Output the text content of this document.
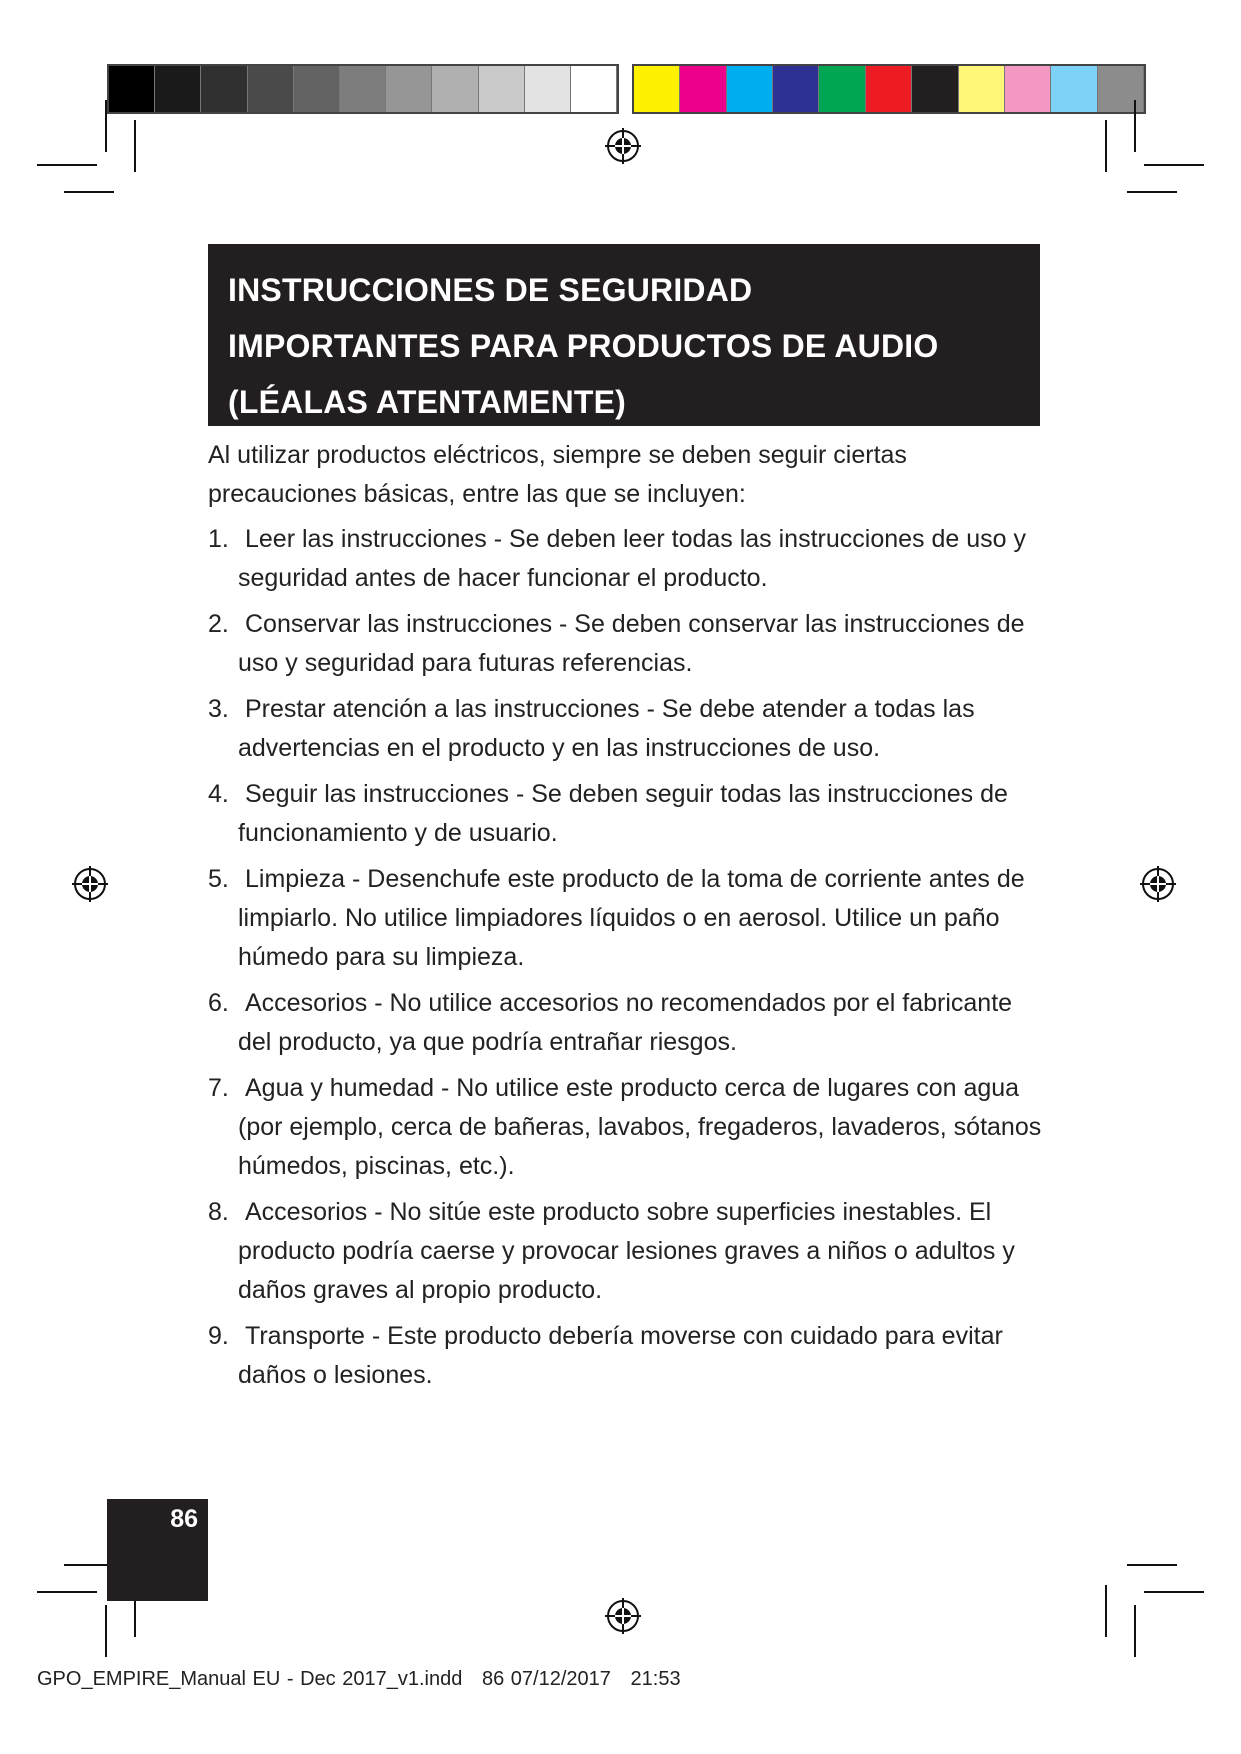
INSTRUCCIONES DE SEGURIDAD
IMPORTANTES PARA PRODUCTOS DE AUDIO
(LÉALAS ATENTAMENTE)

Al utilizar productos eléctricos, siempre se deben seguir ciertas precauciones básicas, entre las que se incluyen:

1. Leer las instrucciones - Se deben leer todas las instrucciones de uso y seguridad antes de hacer funcionar el producto.
2. Conservar las instrucciones - Se deben conservar las instrucciones de uso y seguridad para futuras referencias.
3. Prestar atención a las instrucciones - Se debe atender a todas las advertencias en el producto y en las instrucciones de uso.
4. Seguir las instrucciones - Se deben seguir todas las instrucciones de funcionamiento y de usuario.
5. Limpieza - Desenchufe este producto de la toma de corriente antes de limpiarlo. No utilice limpiadores líquidos o en aerosol. Utilice un paño húmedo para su limpieza.
6. Accesorios - No utilice accesorios no recomendados por el fabricante del producto, ya que podría entrañar riesgos.
7. Agua y humedad - No utilice este producto cerca de lugares con agua (por ejemplo, cerca de bañeras, lavabos, fregaderos, lavaderos, sótanos húmedos, piscinas, etc.).
8. Accesorios - No sitúe este producto sobre superficies inestables. El producto podría caerse y provocar lesiones graves a niños o adultos y daños graves al propio producto.
9. Transporte - Este producto debería moverse con cuidado para evitar daños o lesiones.
86
GPO_EMPIRE_Manual EU - Dec 2017_v1.indd   86 07/12/2017   21:53
